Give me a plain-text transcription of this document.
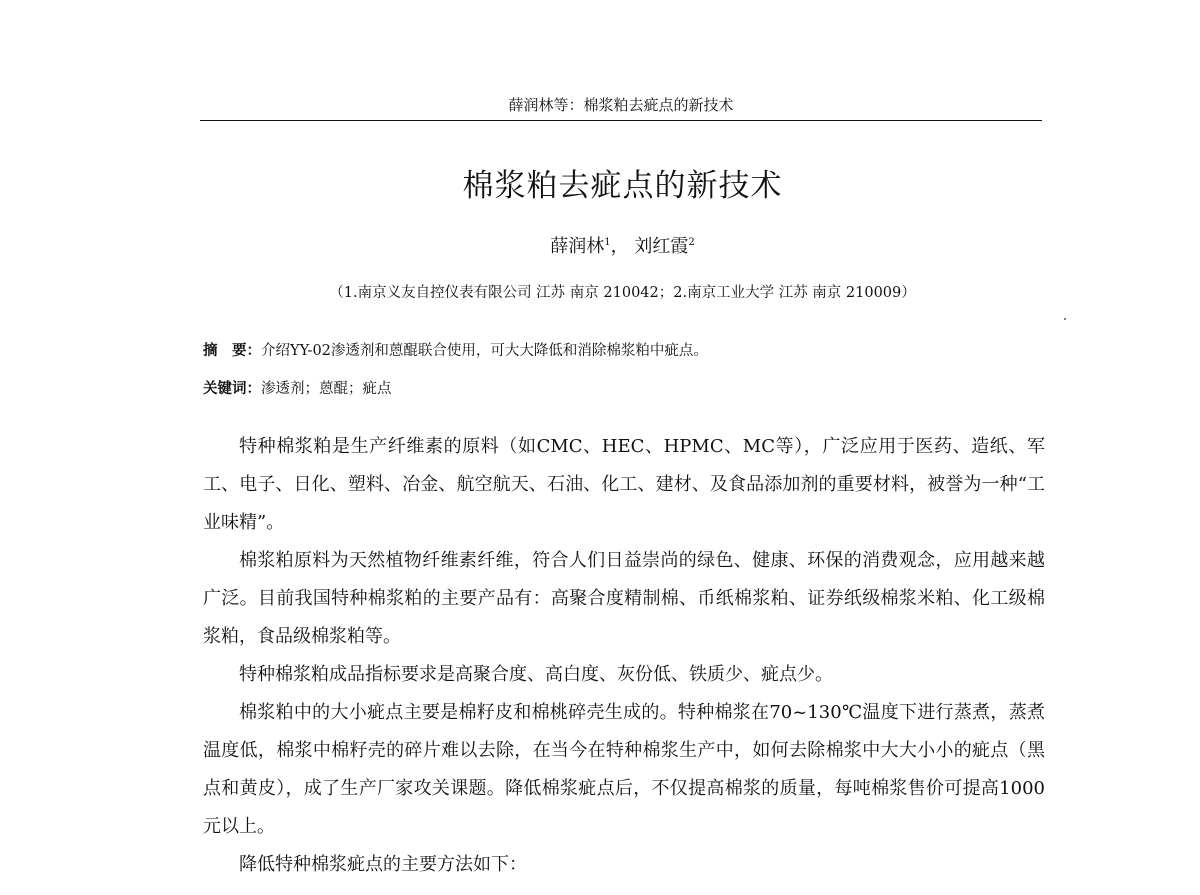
薛润林等：棉浆粕去疵点的新技术
棉浆粕去疵点的新技术
薛润林$^1$， 刘红霞$^2$
（1.南京义友自控仪表有限公司 江苏 南京 210042；2.南京工业大学 江苏 南京 210009）
摘　要：介绍YY-02渗透剂和蒽醌联合使用，可大大降低和消除棉浆粕中疵点。
关键词：渗透剂；蒽醌；疵点

特种棉浆粕是生产纤维素的原料（如CMC、HEC、HPMC、MC等），广泛应用于医药、造纸、军工、电子、日化、塑料、冶金、航空航天、石油、化工、建材、及食品添加剂的重要材料，被誉为一种“工业味精”。

棉浆粕原料为天然植物纤维素纤维，符合人们日益崇尚的绿色、健康、环保的消费观念，应用越来越广泛。目前我国特种棉浆粕的主要产品有：高聚合度精制棉、币纸棉浆粕、证券纸级棉浆米粕、化工级棉浆粕，食品级棉浆粕等。

特种棉浆粕成品指标要求是高聚合度、高白度、灰份低、铁质少、疵点少。

棉浆粕中的大小疵点主要是棉籽皮和棉桃碎壳生成的。特种棉浆在70~130℃温度下进行蒸煮，蒸煮温度低，棉浆中棉籽壳的碎片难以去除，在当今在特种棉浆生产中，如何去除棉浆中大大小小的疵点（黑点和黄皮），成了生产厂家攻关课题。降低棉浆疵点后，不仅提高棉浆的质量，每吨棉浆售价可提高1000元以上。

降低特种棉浆疵点的主要方法如下：
